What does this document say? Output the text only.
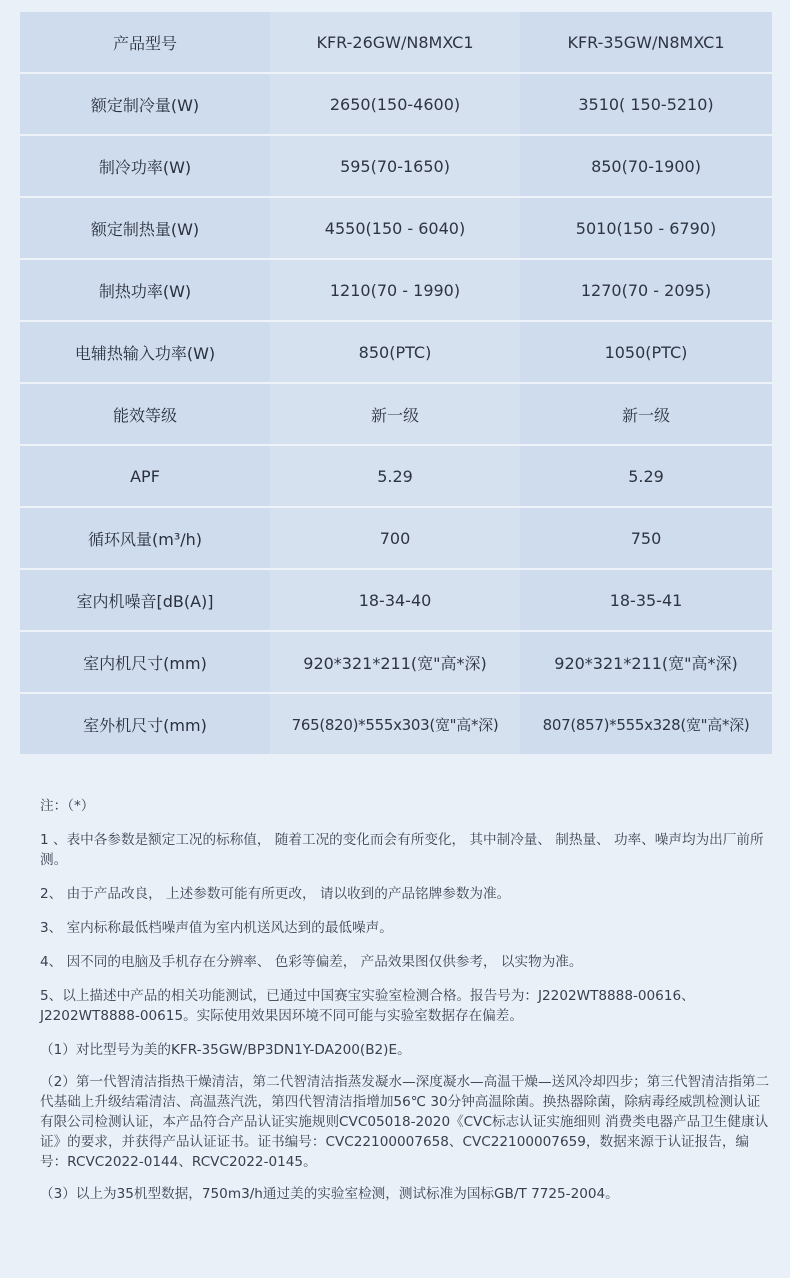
产品型号	KFR-26GW/N8MXC1	KFR-35GW/N8MXC1
额定制冷量(W)	2650(150-4600)	3510( 150-5210)
制冷功率(W)	595(70-1650)	850(70-1900)
额定制热量(W)	4550(150 - 6040)	5010(150 - 6790)
制热功率(W)	1210(70 - 1990)	1270(70 - 2095)
电辅热输入功率(W)	850(PTC)	1050(PTC)
能效等级	新一级	新一级
APF	5.29	5.29
循环风量(m³/h)	700	750
室内机噪音[dB(A)]	18-34-40	18-35-41
室内机尺寸(mm)	920*321*211(宽"高*深)	920*321*211(宽"高*深)
室外机尺寸(mm)	765(820)*555x303(宽"高*深)	807(857)*555x328(宽"高*深)

注：（*）

1 、表中各参数是额定工况的标称值， 随着工况的变化而会有所变化， 其中制冷量、 制热量、 功率、噪声均为出厂前所测。

2、 由于产品改良， 上述参数可能有所更改， 请以收到的产品铭牌参数为准。

3、 室内标称最低档噪声值为室内机送风达到的最低噪声。

4、 因不同的电脑及手机存在分辨率、 色彩等偏差， 产品效果图仅供参考， 以实物为准。

5、以上描述中产品的相关功能测试，已通过中国赛宝实验室检测合格。报告号为：J2202WT8888-00616、J2202WT8888-00615。实际使用效果因环境不同可能与实验室数据存在偏差。

（1）对比型号为美的KFR-35GW/BP3DN1Y-DA200(B2)E。

（2）第一代智清洁指热干燥清洁，第二代智清洁指蒸发凝水—深度凝水—高温干燥—送风冷却四步；第三代智清洁指第二代基础上升级结霜清洁、高温蒸汽洗，第四代智清洁指增加56℃ 30分钟高温除菌。换热器除菌，除病毒经威凯检测认证有限公司检测认证，本产品符合产品认证实施规则CVC05018-2020《CVC标志认证实施细则 消费类电器产品卫生健康认证》的要求，并获得产品认证证书。证书编号：CVC22100007658、CVC22100007659，数据来源于认证报告，编号：RCVC2022-0144、RCVC2022-0145。

（3）以上为35机型数据，750m3/h通过美的实验室检测，测试标准为国标GB/T 7725-2004。
